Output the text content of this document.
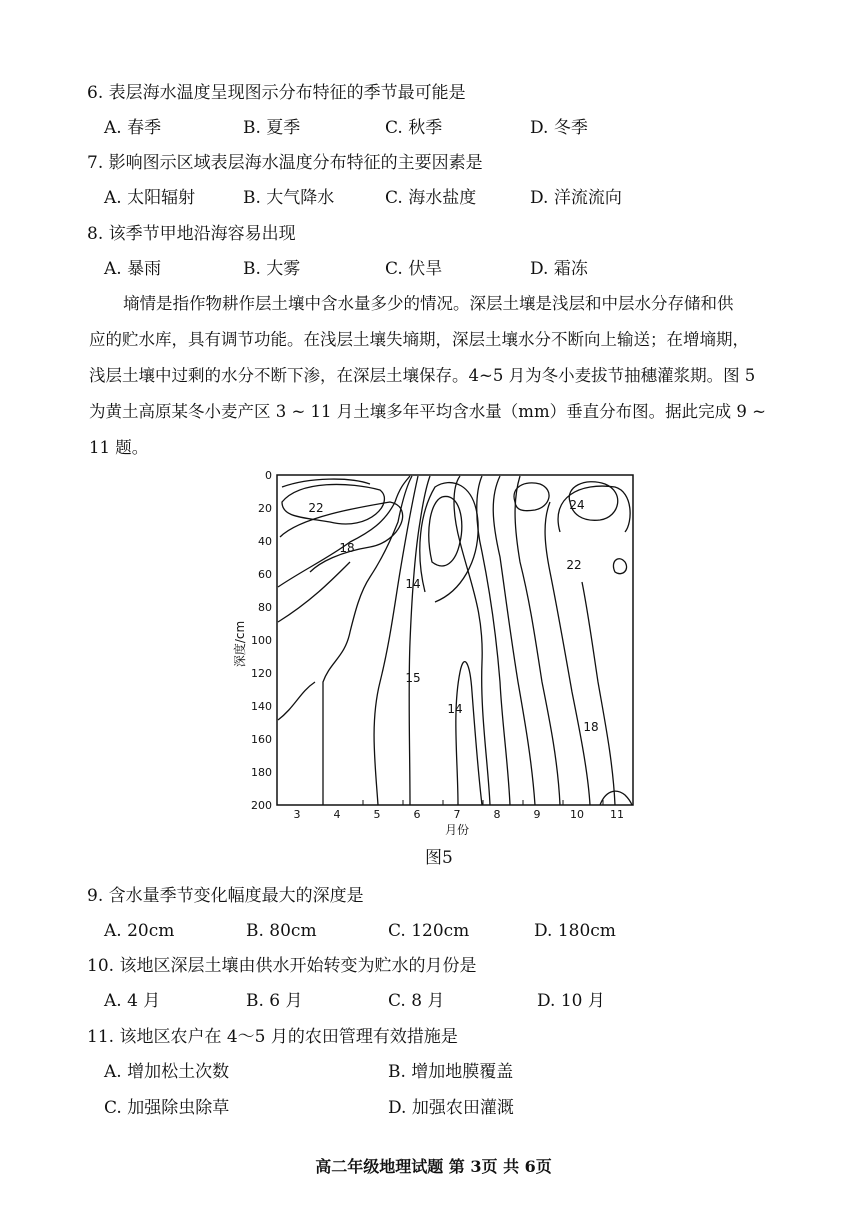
6. 表层海水温度呈现图示分布特征的季节最可能是
A. 春季	B. 夏季	C. 秋季	D. 冬季
7. 影响图示区域表层海水温度分布特征的主要因素是
A. 太阳辐射	B. 大气降水	C. 海水盐度	D. 洋流流向
8. 该季节甲地沿海容易出现
A. 暴雨	B. 大雾	C. 伏旱	D. 霜冻
墒情是指作物耕作层土壤中含水量多少的情况。深层土壤是浅层和中层水分存储和供
应的贮水库，具有调节功能。在浅层土壤失墒期，深层土壤水分不断向上输送；在增墒期，
浅层土壤中过剩的水分不断下渗，在深层土壤保存。4~5 月为冬小麦拔节抽穗灌浆期。图 5
为黄土高原某冬小麦产区 3 ~ 11 月土壤多年平均含水量（mm）垂直分布图。据此完成 9 ~
11 题。
0
20
40
60
80
100
120
140
160
180
200
3	4	5	6	7	8	9	10 11
月份
深度/cm
22
18
14
24
22
15
14
18
图5
9. 含水量季节变化幅度最大的深度是
A. 20cm	B. 80cm	C. 120cm	D. 180cm
10. 该地区深层土壤由供水开始转变为贮水的月份是
A. 4 月	B. 6 月	C. 8 月	D. 10 月
11. 该地区农户在 4～5 月的农田管理有效措施是
A. 增加松土次数	B. 增加地膜覆盖
C. 加强除虫除草	D. 加强农田灌溉
高二年级地理试题 第 3页 共 6页
